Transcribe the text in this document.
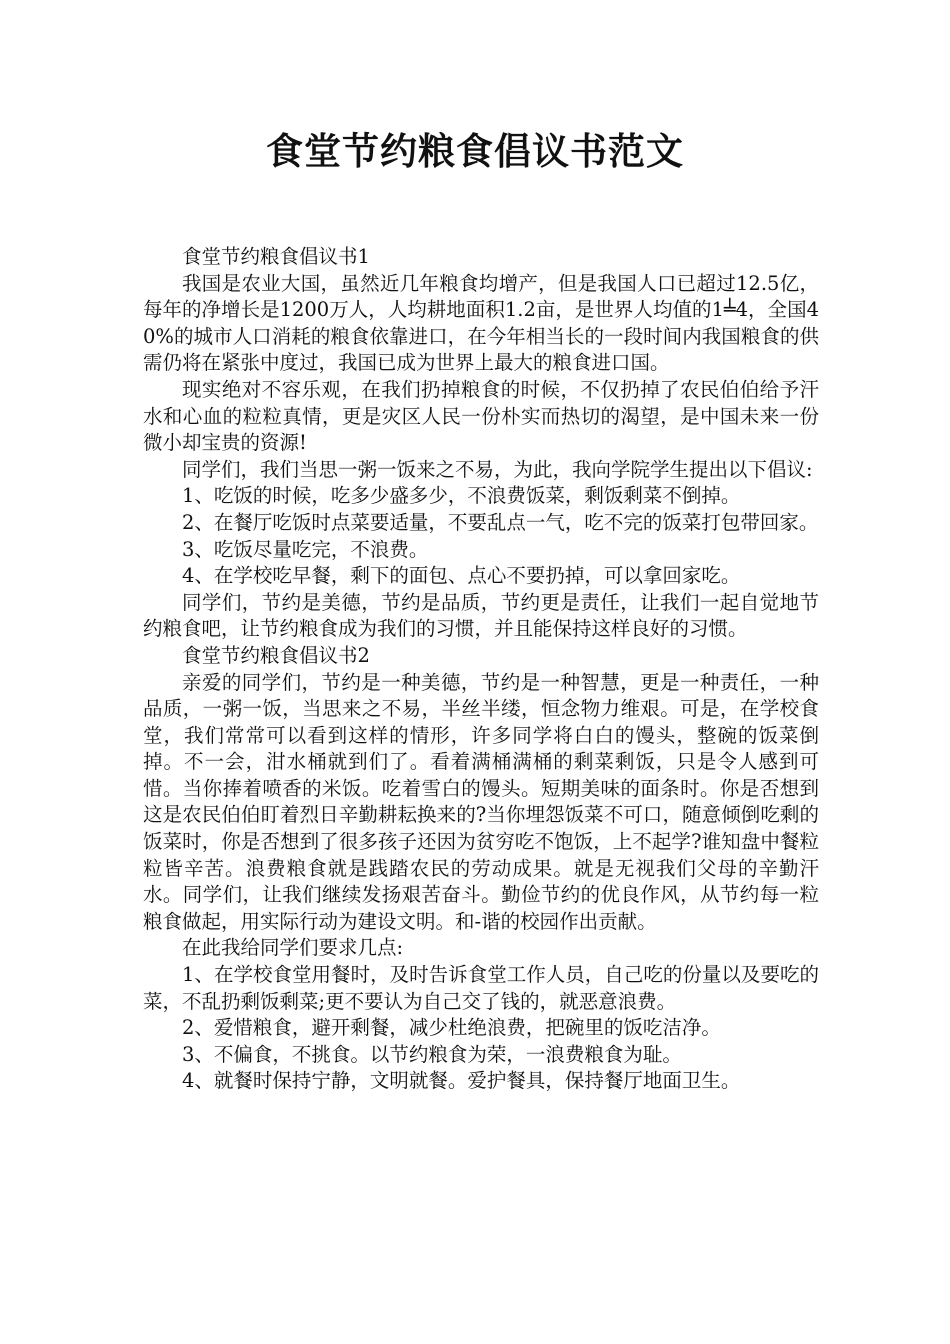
食堂节约粮食倡议书范文

食堂节约粮食倡议书1

我国是农业大国，虽然近几年粮食均增产，但是我国人口已超过12.5亿，每年的净增长是1200万人，人均耕地面积1.2亩，是世界人均值的1╧4，全国40%的城市人口消耗的粮食依靠进口，在今年相当长的一段时间内我国粮食的供需仍将在紧张中度过，我国已成为世界上最大的粮食进口国。

现实绝对不容乐观，在我们扔掉粮食的时候，不仅扔掉了农民伯伯给予汗水和心血的粒粒真情，更是灾区人民一份朴实而热切的渴望，是中国未来一份微小却宝贵的资源!

同学们，我们当思一粥一饭来之不易，为此，我向学院学生提出以下倡议:

1、吃饭的时候，吃多少盛多少，不浪费饭菜，剩饭剩菜不倒掉。

2、在餐厅吃饭时点菜要适量，不要乱点一气，吃不完的饭菜打包带回家。

3、吃饭尽量吃完，不浪费。

4、在学校吃早餐，剩下的面包、点心不要扔掉，可以拿回家吃。

同学们，节约是美德，节约是品质，节约更是责任，让我们一起自觉地节约粮食吧，让节约粮食成为我们的习惯，并且能保持这样良好的习惯。

食堂节约粮食倡议书2

亲爱的同学们，节约是一种美德，节约是一种智慧，更是一种责任，一种品质，一粥一饭，当思来之不易，半丝半缕，恒念物力维艰。可是，在学校食堂，我们常常可以看到这样的情形，许多同学将白白的馒头，整碗的饭菜倒掉。不一会，泔水桶就到们了。看着满桶满桶的剩菜剩饭，只是令人感到可惜。当你捧着喷香的米饭。吃着雪白的馒头。短期美味的面条时。你是否想到这是农民伯伯盯着烈日辛勤耕耘换来的?当你埋怨饭菜不可口，随意倾倒吃剩的饭菜时，你是否想到了很多孩子还因为贫穷吃不饱饭，上不起学?谁知盘中餐粒粒皆辛苦。浪费粮食就是践踏农民的劳动成果。就是无视我们父母的辛勤汗水。同学们，让我们继续发扬艰苦奋斗。勤俭节约的优良作风，从节约每一粒粮食做起，用实际行动为建设文明。和-谐的校园作出贡献。

在此我给同学们要求几点:

1、在学校食堂用餐时，及时告诉食堂工作人员，自己吃的份量以及要吃的菜，不乱扔剩饭剩菜;更不要认为自己交了钱的，就恶意浪费。

2、爱惜粮食，避开剩餐，减少杜绝浪费，把碗里的饭吃洁净。

3、不偏食，不挑食。以节约粮食为荣，一浪费粮食为耻。

4、就餐时保持宁静，文明就餐。爱护餐具，保持餐厅地面卫生。
